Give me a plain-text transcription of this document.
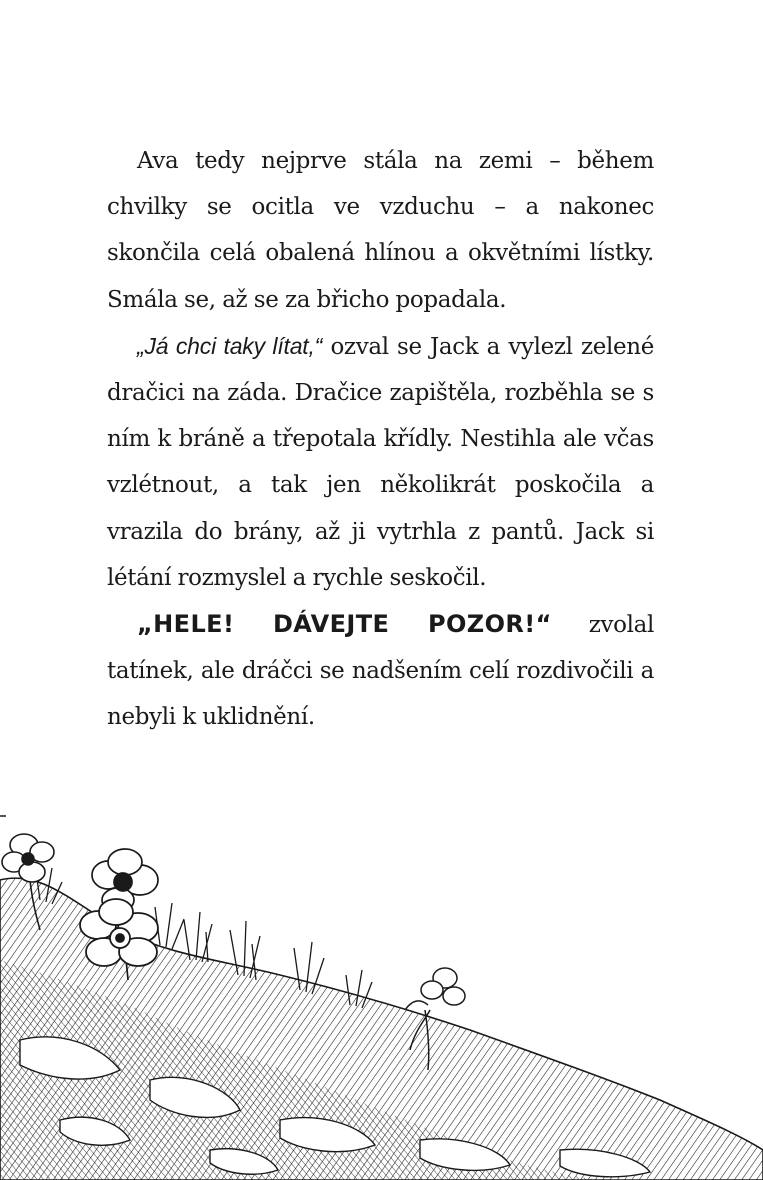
Ava tedy nejprve stála na zemi – během chvilky se ocitla ve vzduchu – a nakonec skončila celá obalená hlínou a okvětními lístky. Smála se, až se za břicho popadala.

„Já chci taky lítat,“ ozval se Jack a vylezl zelené dračici na záda. Dračice zapištěla, rozběhla se s ním k bráně a třepotala křídly. Nestihla ale včas vzlétnout, a tak jen několikrát poskočila a vrazila do brány, až ji vytrhla z pantů. Jack si létání rozmyslel a rychle seskočil.

„HELE! DÁVEJTE POZOR!“ zvolal tatínek, ale dráčci se nadšením celí rozdivočili a nebyli k uklidnění.
